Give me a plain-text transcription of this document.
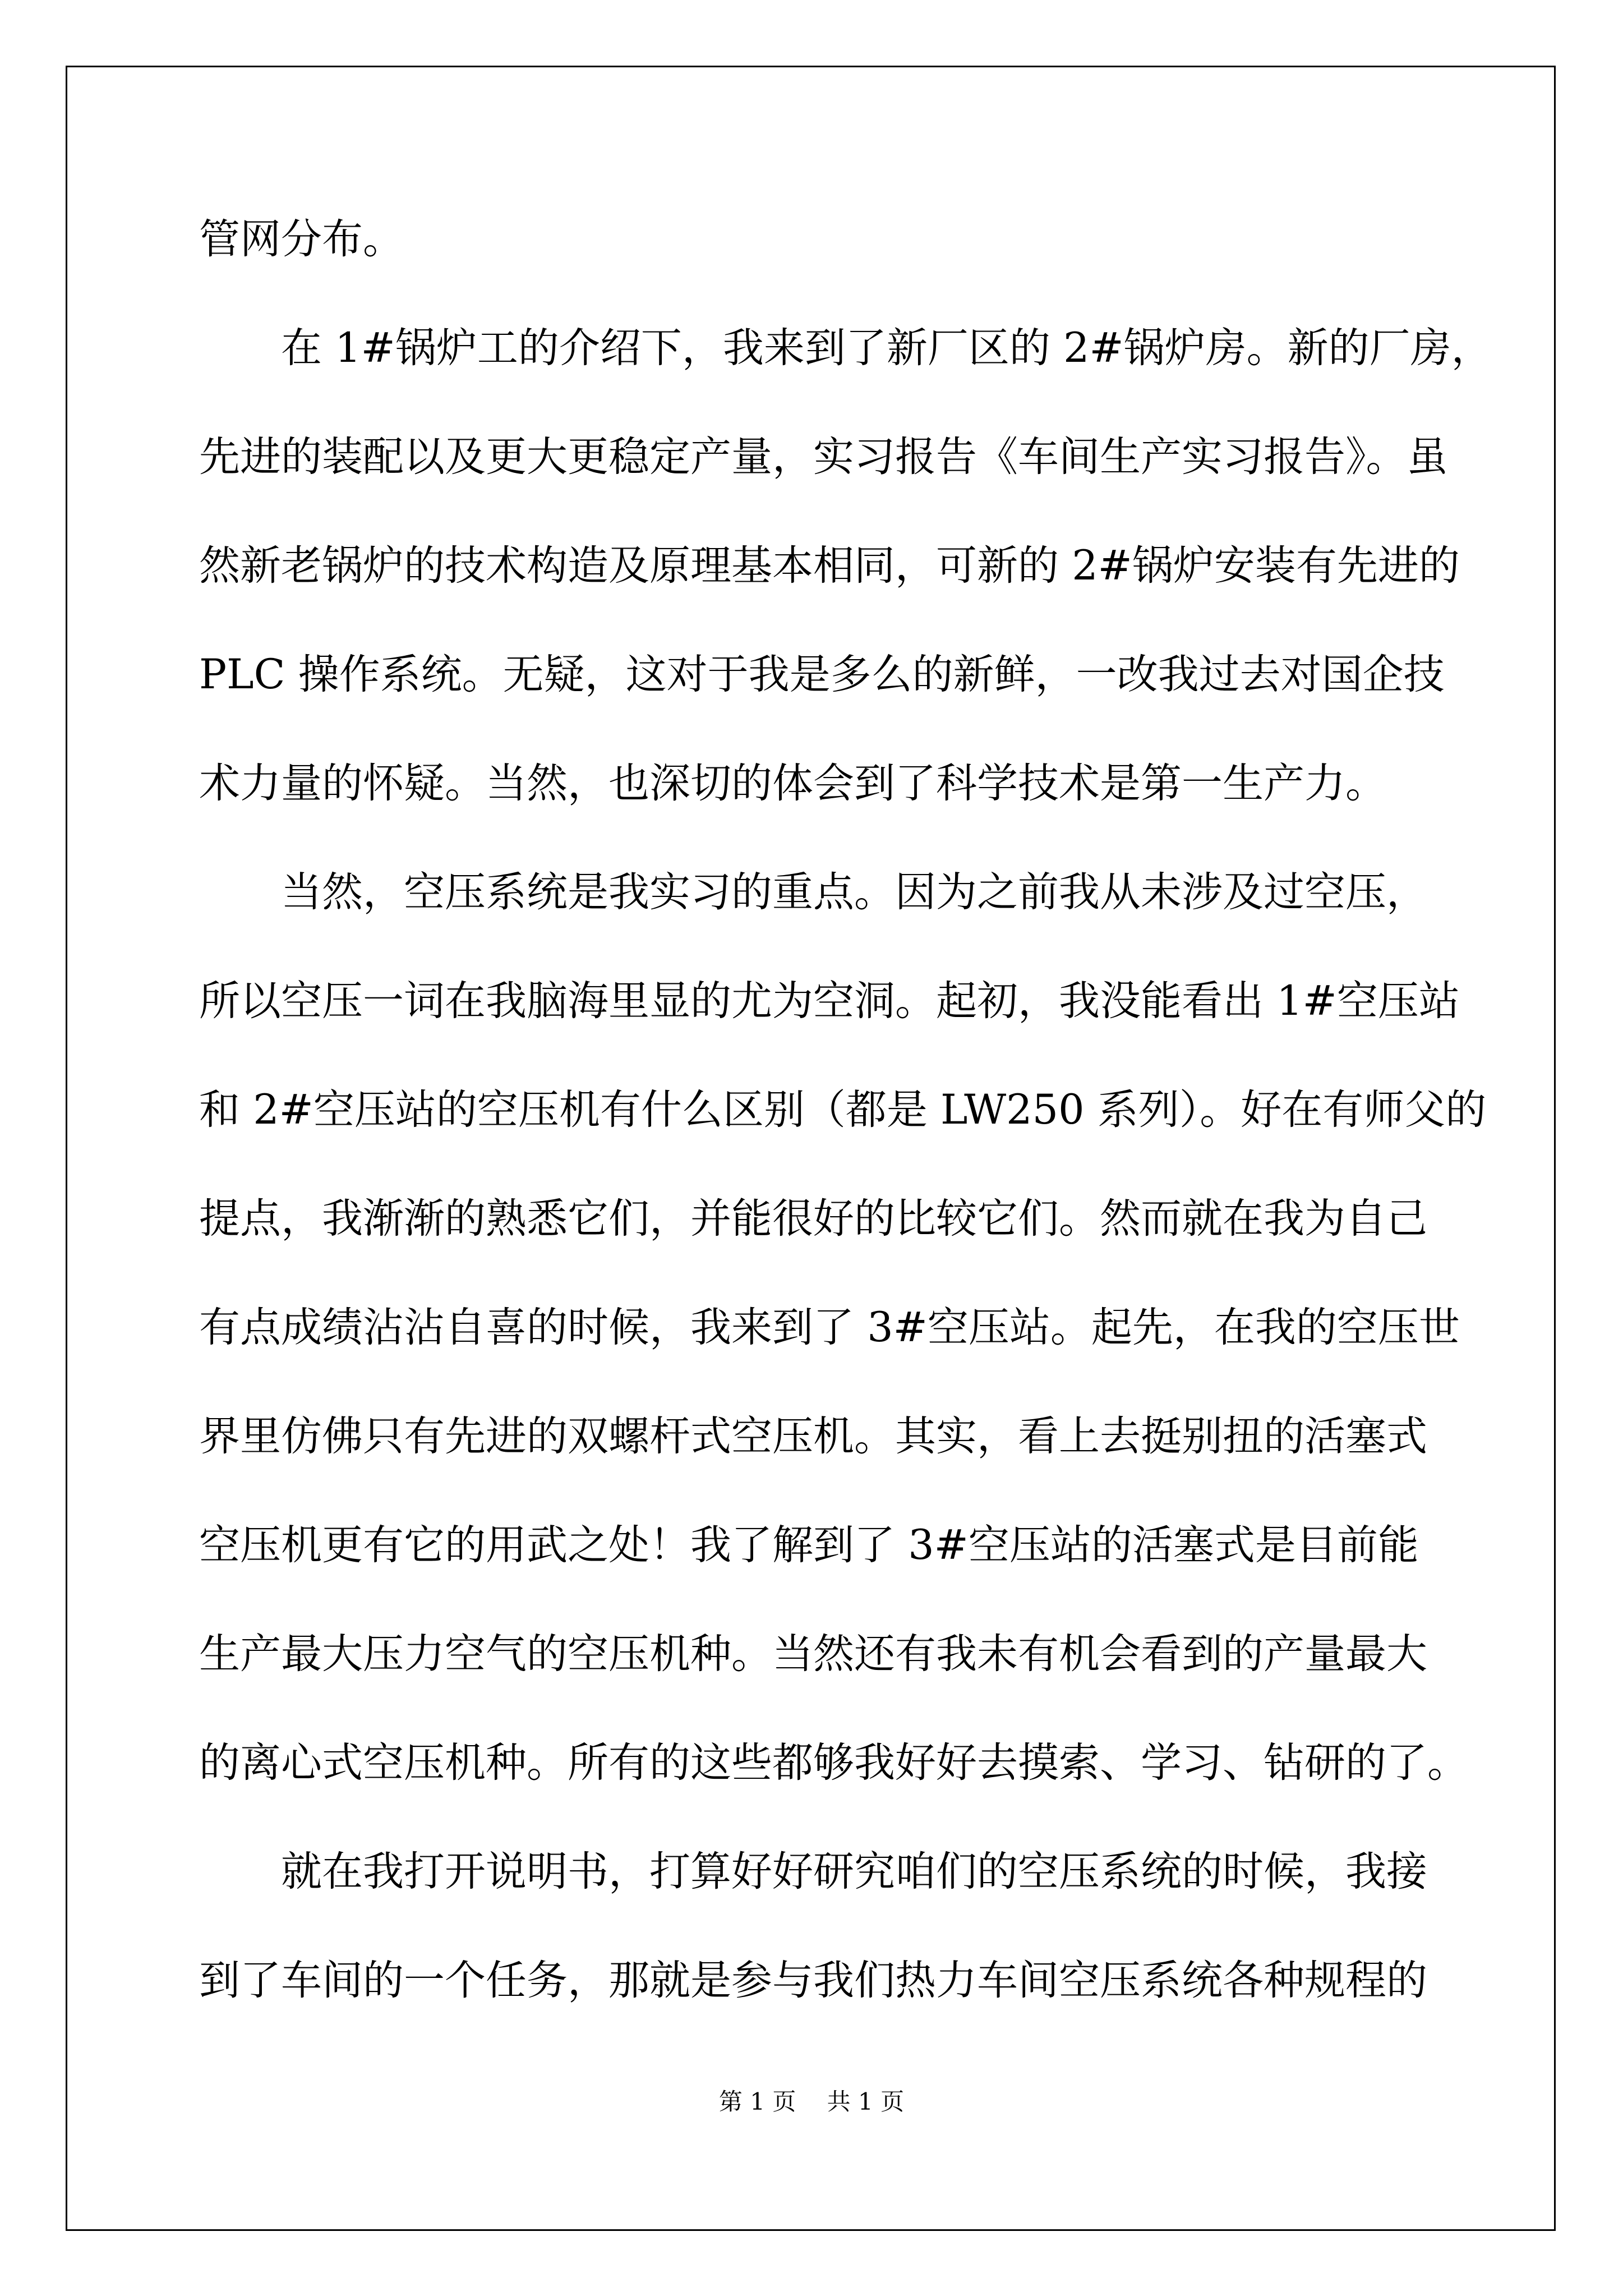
管网分布。
　　在 1#锅炉工的介绍下，我来到了新厂区的 2#锅炉房。新的厂房，
先进的装配以及更大更稳定产量，实习报告《车间生产实习报告》。虽
然新老锅炉的技术构造及原理基本相同，可新的 2#锅炉安装有先进的
PLC 操作系统。无疑，这对于我是多么的新鲜，一改我过去对国企技
术力量的怀疑。当然，也深切的体会到了科学技术是第一生产力。
　　当然，空压系统是我实习的重点。因为之前我从未涉及过空压，
所以空压一词在我脑海里显的尤为空洞。起初，我没能看出 1#空压站
和 2#空压站的空压机有什么区别（都是 LW250 系列）。好在有师父的
提点，我渐渐的熟悉它们，并能很好的比较它们。然而就在我为自己
有点成绩沾沾自喜的时候，我来到了 3#空压站。起先，在我的空压世
界里仿佛只有先进的双螺杆式空压机。其实，看上去挺别扭的活塞式
空压机更有它的用武之处！我了解到了 3#空压站的活塞式是目前能
生产最大压力空气的空压机种。当然还有我未有机会看到的产量最大
的离心式空压机种。所有的这些都够我好好去摸索、学习、钻研的了。
　　就在我打开说明书，打算好好研究咱们的空压系统的时候，我接
到了车间的一个任务，那就是参与我们热力车间空压系统各种规程的
第 1 页　 共 1 页
